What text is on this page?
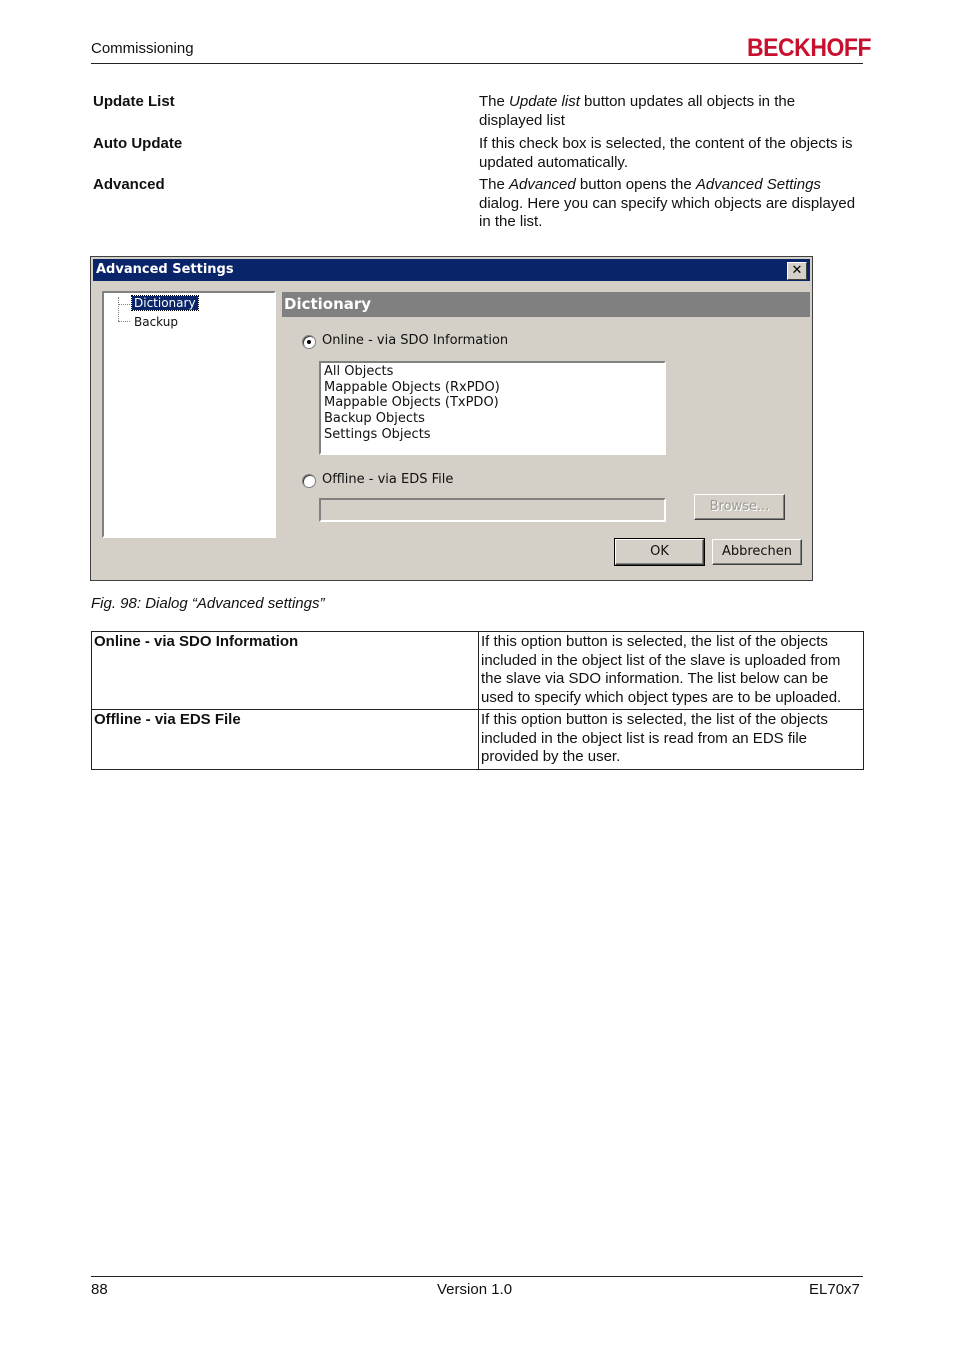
Commissioning	BECKHOFF
Update List	The Update list button updates all objects in the displayed list
Auto Update	If this check box is selected, the content of the objects is updated automatically.
Advanced	The Advanced button opens the Advanced Settings dialog. Here you can specify which objects are displayed in the list.
Advanced Settings	✕
Dictionary
Backup
Dictionary
Online - via SDO Information
All Objects
Mappable Objects (RxPDO)
Mappable Objects (TxPDO)
Backup Objects
Settings Objects
Offline - via EDS File
Browse...
OK	Abbrechen
Fig. 98: Dialog “Advanced settings”
Online - via SDO Information	If this option button is selected, the list of the objects included in the object list of the slave is uploaded from the slave via SDO information. The list below can be used to specify which object types are to be uploaded.
Offline - via EDS File	If this option button is selected, the list of the objects included in the object list is read from an EDS file provided by the user.
88	Version 1.0	EL70x7
